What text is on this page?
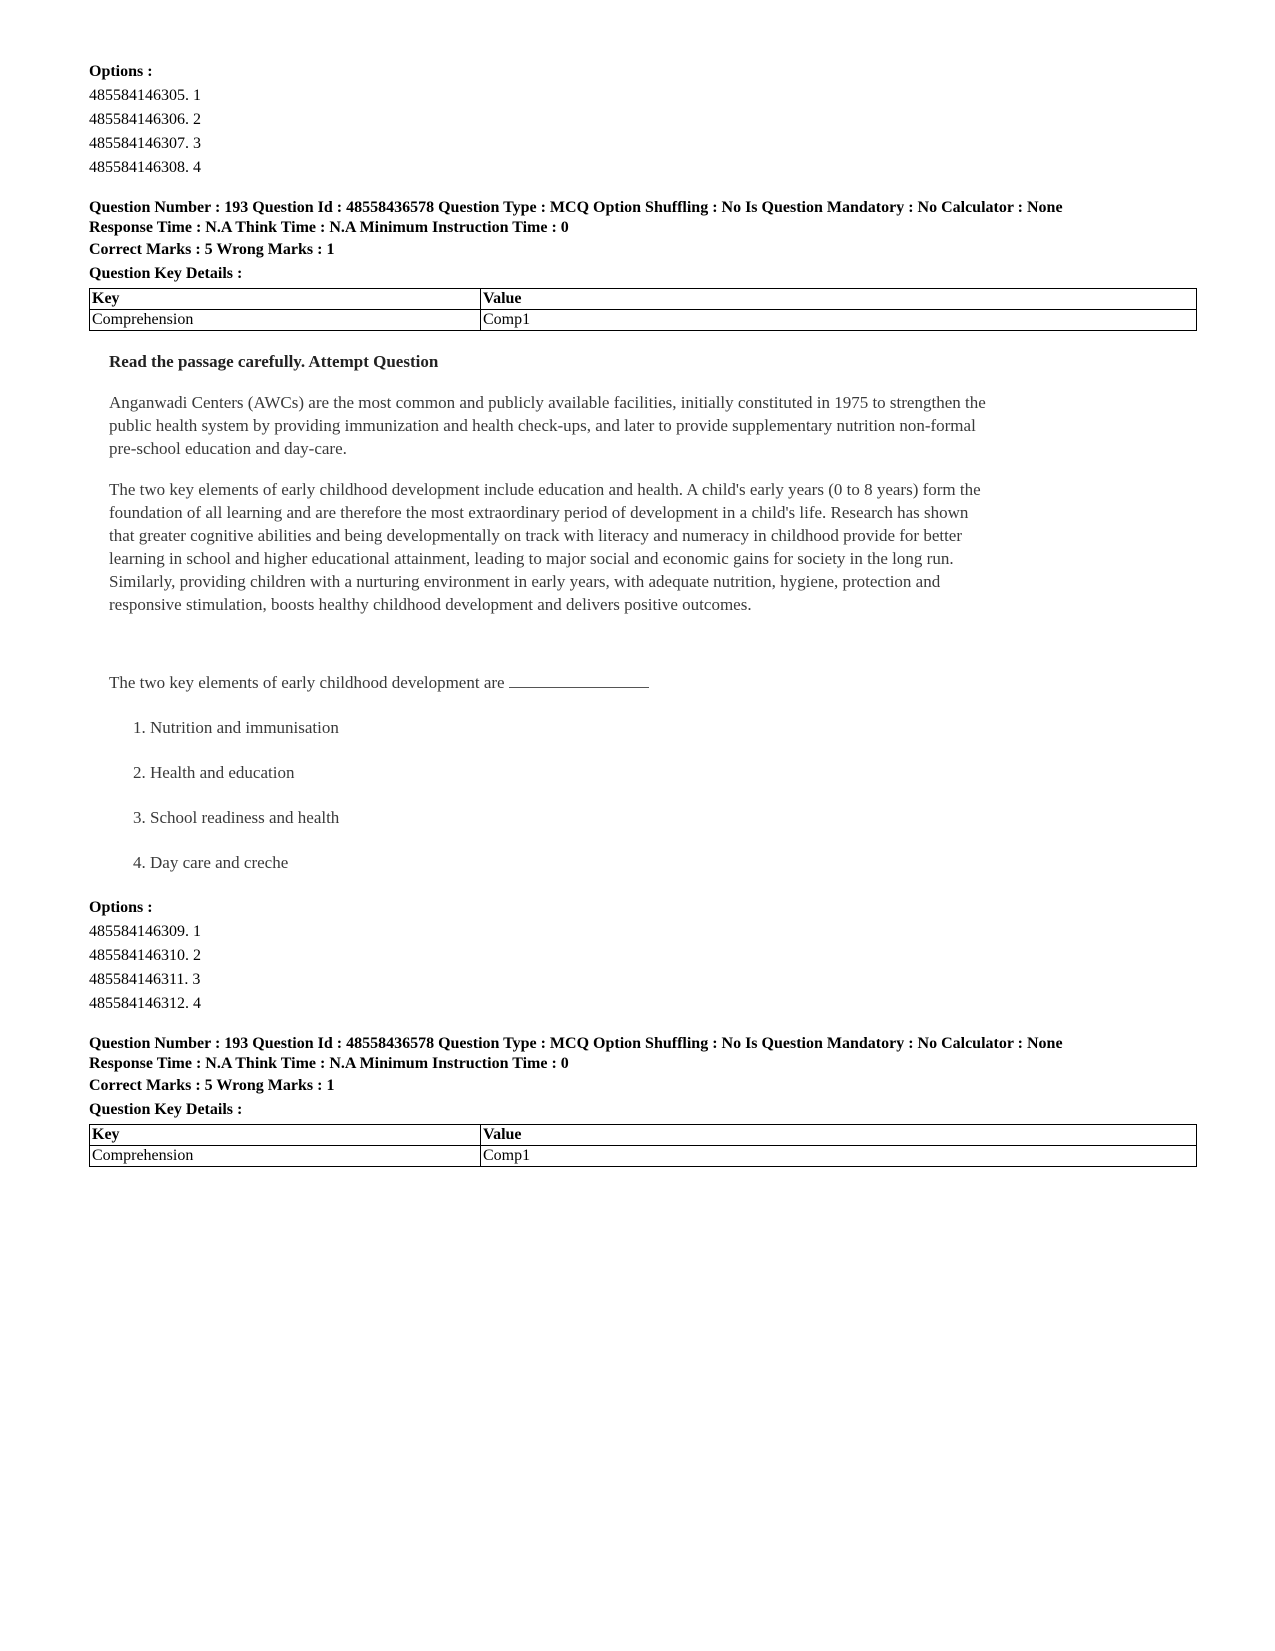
Options :
485584146305. 1
485584146306. 2
485584146307. 3
485584146308. 4
Question Number : 193 Question Id : 48558436578 Question Type : MCQ Option Shuffling : No Is Question Mandatory : No Calculator : None
Response Time : N.A Think Time : N.A Minimum Instruction Time : 0
Correct Marks : 5 Wrong Marks : 1
Question Key Details :
Key	Value
Comprehension	Comp1
Read the passage carefully. Attempt Question

Anganwadi Centers (AWCs) are the most common and publicly available facilities, initially constituted in 1975 to strengthen the public health system by providing immunization and health check-ups, and later to provide supplementary nutrition non-formal pre-school education and day-care.

The two key elements of early childhood development include education and health. A child's early years (0 to 8 years) form the foundation of all learning and are therefore the most extraordinary period of development in a child's life. Research has shown that greater cognitive abilities and being developmentally on track with literacy and numeracy in childhood provide for better learning in school and higher educational attainment, leading to major social and economic gains for society in the long run. Similarly, providing children with a nurturing environment in early years, with adequate nutrition, hygiene, protection and responsive stimulation, boosts healthy childhood development and delivers positive outcomes.

The two key elements of early childhood development are

1. Nutrition and immunisation
2. Health and education
3. School readiness and health
4. Day care and creche
Options :
485584146309. 1
485584146310. 2
485584146311. 3
485584146312. 4
Question Number : 193 Question Id : 48558436578 Question Type : MCQ Option Shuffling : No Is Question Mandatory : No Calculator : None
Response Time : N.A Think Time : N.A Minimum Instruction Time : 0
Correct Marks : 5 Wrong Marks : 1
Question Key Details :
Key	Value
Comprehension	Comp1
